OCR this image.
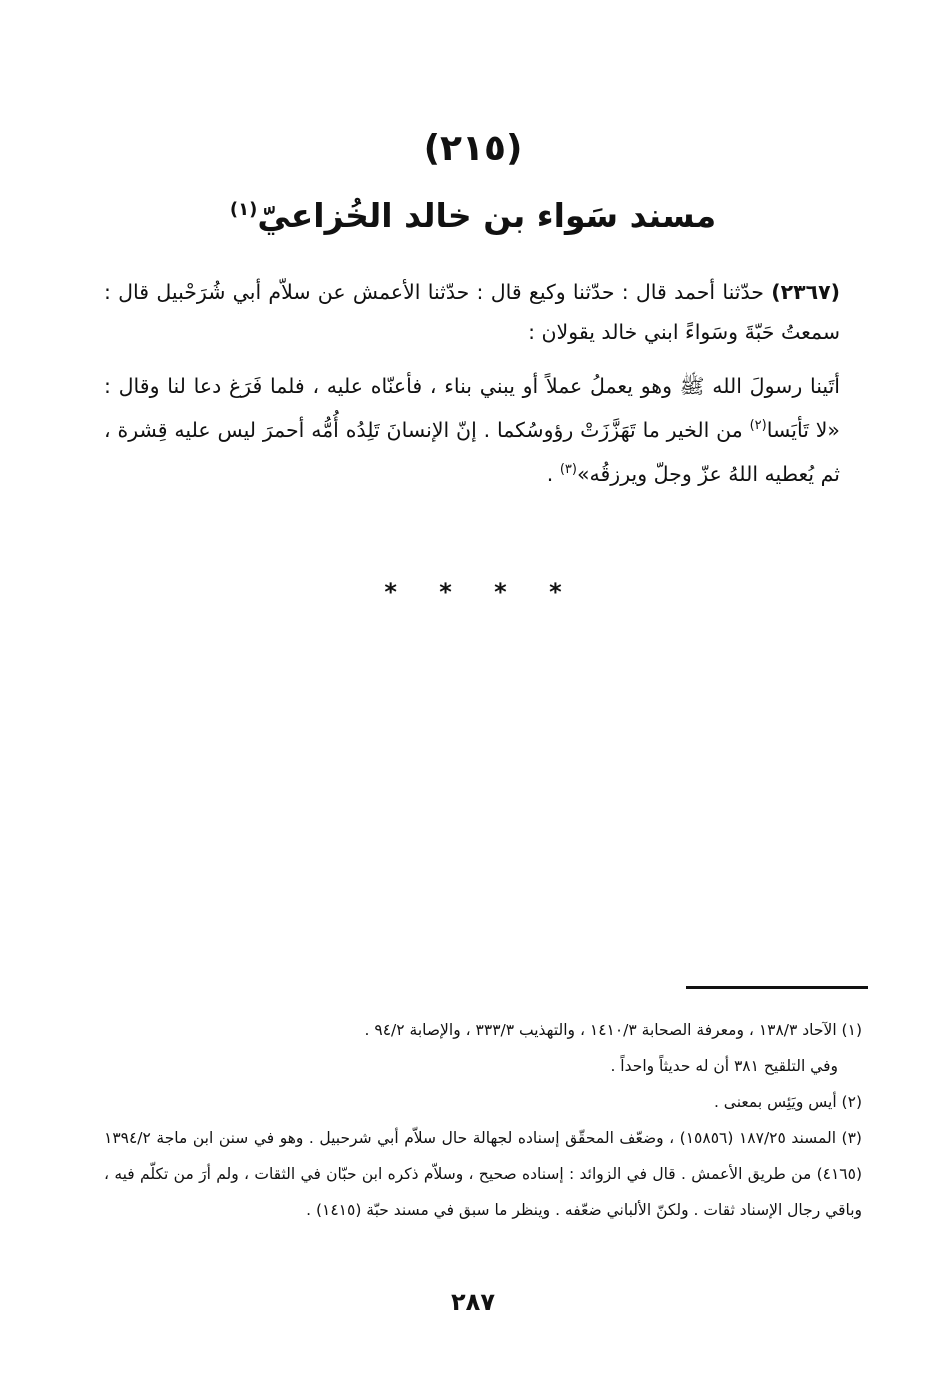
(٢١٥)
مسند سَواء بن خالد الخُزاعيّ$^{(١)}$

(٢٣٦٧) حدّثنا أحمد قال : حدّثنا وكيع قال : حدّثنا الأعمش عن سلاّم أبي شُرَحْبيل قال : سمعتُ حَبّةَ وسَواءً ابني خالد يقولان :

أتَينا رسولَ الله ﷺ وهو يعملُ عملاً أو يبني بناء ، فأعنّاه عليه ، فلما فَرَغ دعا لنا وقال : «لا تَأيَسا$^{(٢)}$ من الخير ما تَهَزَّزَتْ رؤوسُكما . إنّ الإنسانَ تَلِدُه أُمُّه أحمرَ ليس عليه قِشرة ، ثم يُعطيه اللهُ عزّ وجلّ ويرزقُه»$^{(٣)}$ .

* * * *

(١) الآحاد ١٣٨/٣ ، ومعرفة الصحابة ١٤١٠/٣ ، والتهذيب ٣٣٣/٣ ، والإصابة ٩٤/٢ .

وفي التلقيح ٣٨١ أن له حديثاً واحداً .

(٢) أيس ويَئِس بمعنى .

(٣) المسند ١٨٧/٢٥ (١٥٨٥٦) ، وضعّف المحقّق إسناده لجهالة حال سلاّم أبي شرحبيل . وهو في سنن ابن ماجة ١٣٩٤/٢ (٤١٦٥) من طريق الأعمش . قال في الزوائد : إسناده صحيح ، وسلاّم ذكره ابن حبّان في الثقات ، ولم أرَ من تكلّم فيه ، وباقي رجال الإسناد ثقات . ولكنّ الألباني ضعّفه . وينظر ما سبق في مسند حبّة (١٤١٥) .

٢٨٧
